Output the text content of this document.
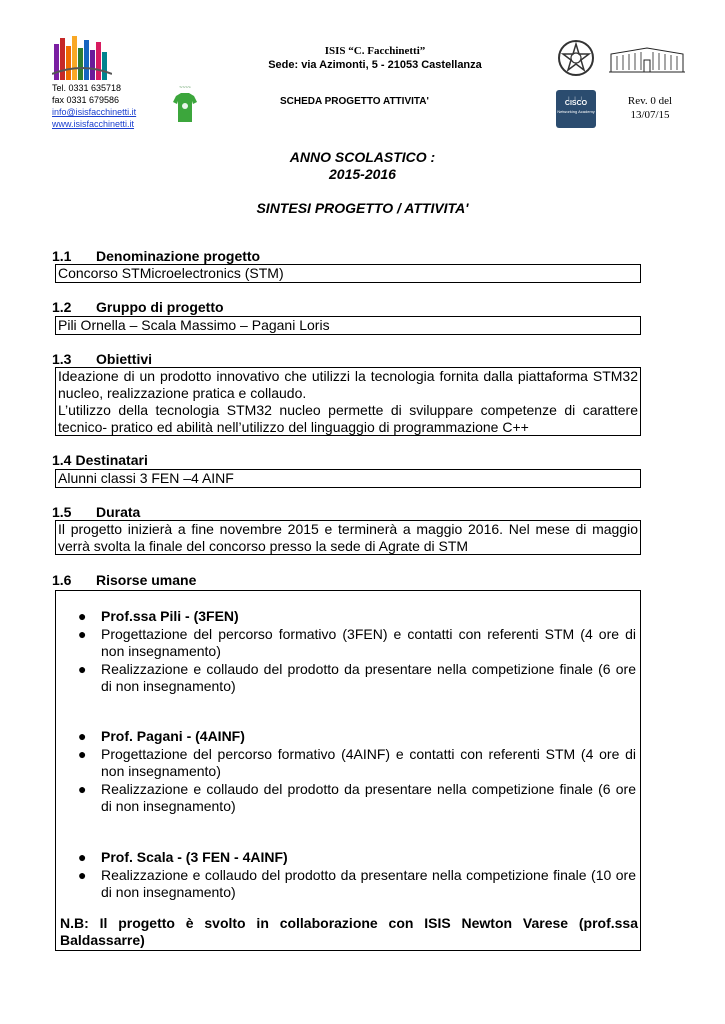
Tel. 0331 635718
fax 0331 679586
info@isisfacchinetti.it
www.isisfacchinetti.it
~~~~
ISIS “C. Facchinetti”
Sede: via Azimonti, 5 - 21053 Castellanza
SCHEDA PROGETTO ATTIVITA'	| | |
CISCO
Networking Academy
Rev. 0 del
13/07/15
ANNO SCOLASTICO :
2015-2016
SINTESI PROGETTO / ATTIVITA'
1.1 Denominazione progetto
Concorso STMicroelectronics (STM)
1.2 Gruppo di progetto
Pili Ornella – Scala Massimo – Pagani Loris
1.3 Obiettivi
Ideazione di un prodotto innovativo che utilizzi la tecnologia fornita dalla piattaforma STM32 nucleo, realizzazione pratica e collaudo.
L’utilizzo della tecnologia STM32 nucleo permette di sviluppare competenze di carattere tecnico- pratico ed abilità nell’utilizzo del linguaggio di programmazione C++
1.4 Destinatari
Alunni classi 3 FEN –4 AINF
1.5 Durata
Il progetto inizierà a fine novembre 2015 e terminerà a maggio 2016. Nel mese di maggio verrà svolta la finale del concorso presso la sede di Agrate di STM
1.6 Risorse umane
●	Prof.ssa Pili - (3FEN)
●	Progettazione del percorso formativo (3FEN) e contatti con referenti STM (4 ore di non insegnamento)
●	Realizzazione e collaudo del prodotto da presentare nella competizione finale (6 ore di non insegnamento)
●	Prof. Pagani - (4AINF)
●	Progettazione del percorso formativo (4AINF) e contatti con referenti STM (4 ore di non insegnamento)
●	Realizzazione e collaudo del prodotto da presentare nella competizione finale (6 ore di non insegnamento)
●	Prof. Scala - (3 FEN - 4AINF)
●	Realizzazione e collaudo del prodotto da presentare nella competizione finale (10 ore di non insegnamento)
N.B: Il progetto è svolto in collaborazione con ISIS Newton Varese (prof.ssa Baldassarre)
